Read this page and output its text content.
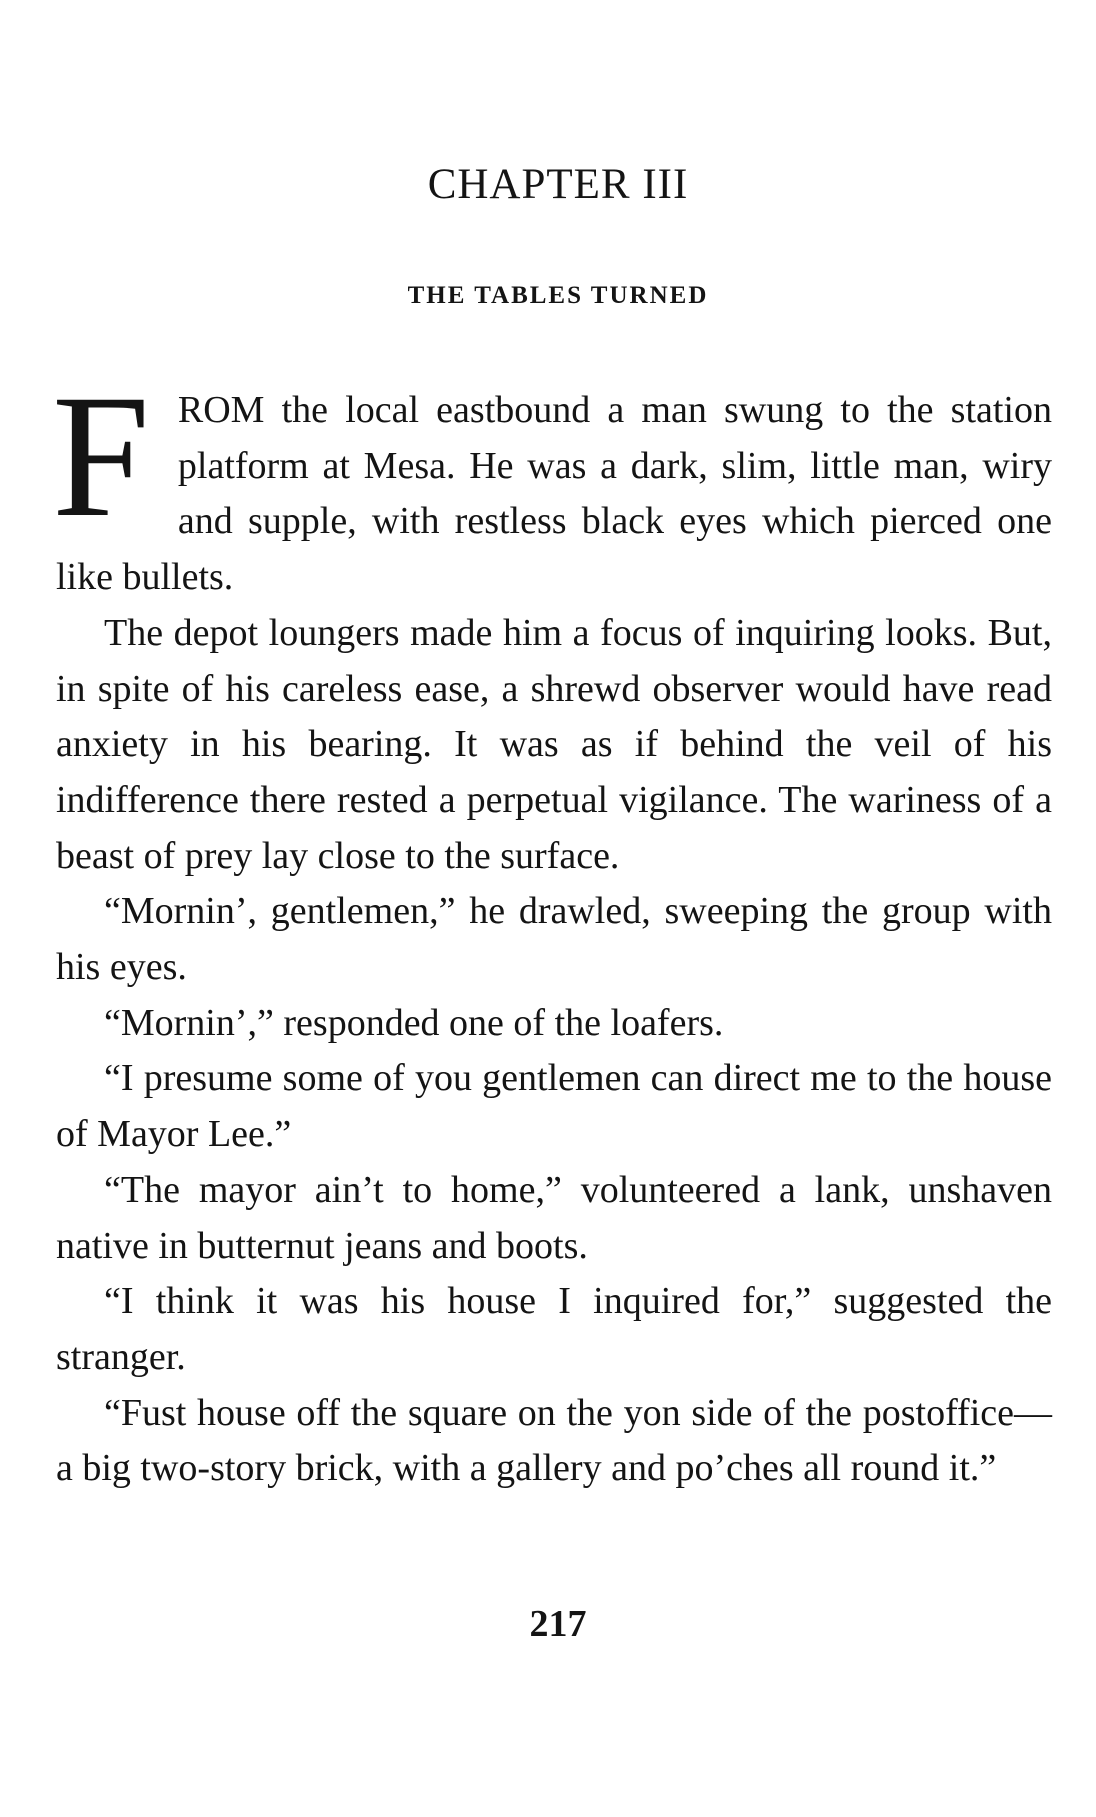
CHAPTER III
THE TABLES TURNED

FROM the local eastbound a man swung to the station platform at Mesa. He was a dark, slim, little man, wiry and supple, with restless black eyes which pierced one like bullets.

The depot loungers made him a focus of inquiring looks. But, in spite of his careless ease, a shrewd observer would have read anxiety in his bearing. It was as if behind the veil of his indifference there rested a perpetual vigilance. The wariness of a beast of prey lay close to the surface.

“Mornin’, gentlemen,” he drawled, sweeping the group with his eyes.

“Mornin’,” responded one of the loafers.

“I presume some of you gentlemen can direct me to the house of Mayor Lee.”

“The mayor ain’t to home,” volunteered a lank, unshaven native in butternut jeans and boots.

“I think it was his house I inquired for,” suggested the stranger.

“Fust house off the square on the yon side of the postoffice—a big two-story brick, with a gallery and po’ches all round it.”

217
